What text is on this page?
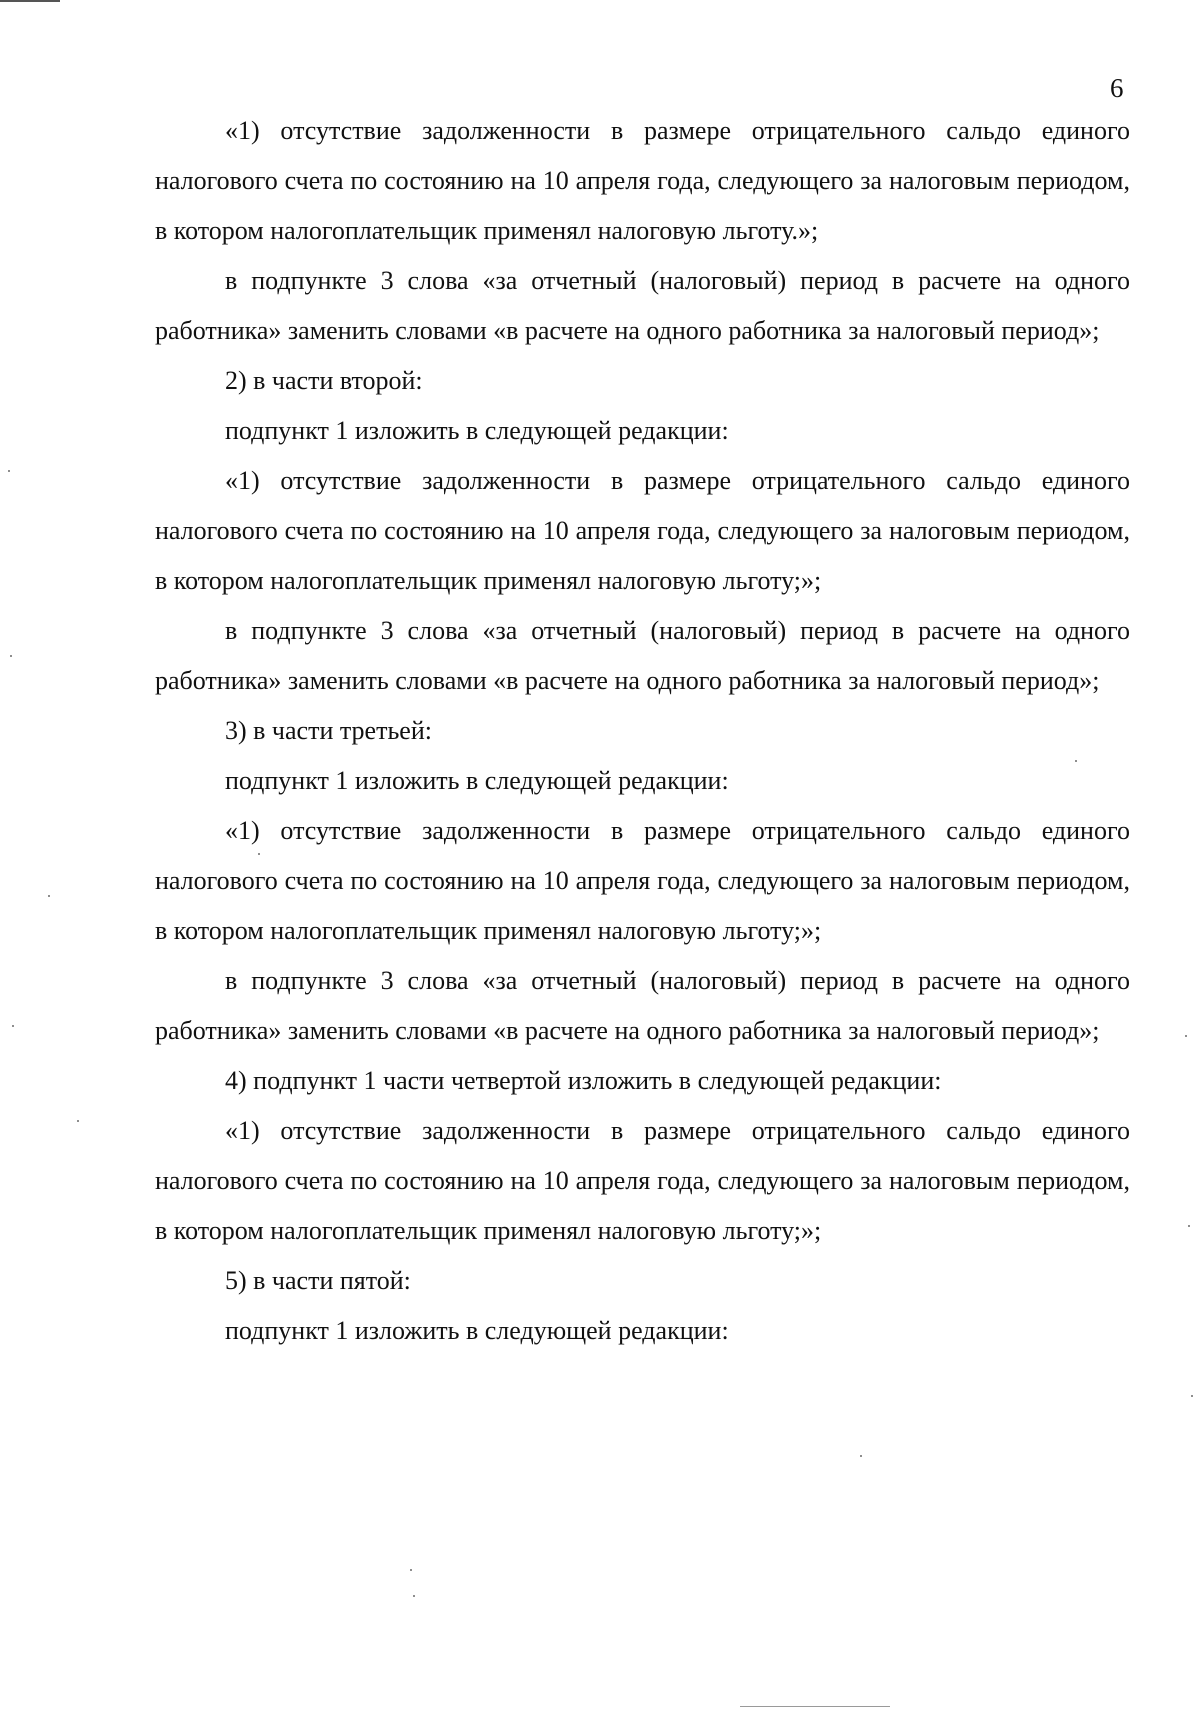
6

«1) отсутствие задолженности в размере отрицательного сальдо единого налогового счета по состоянию на 10 апреля года, следующего за налоговым периодом, в котором налогоплательщик применял налоговую льготу.»;

в подпункте 3 слова «за отчетный (налоговый) период в расчете на одного работника» заменить словами «в расчете на одного работника за налоговый период»;

2) в части второй:

подпункт 1 изложить в следующей редакции:

«1) отсутствие задолженности в размере отрицательного сальдо единого налогового счета по состоянию на 10 апреля года, следующего за налоговым периодом, в котором налогоплательщик применял налоговую льготу;»;

в подпункте 3 слова «за отчетный (налоговый) период в расчете на одного работника» заменить словами «в расчете на одного работника за налоговый период»;

3) в части третьей:

подпункт 1 изложить в следующей редакции:

«1) отсутствие задолженности в размере отрицательного сальдо единого налогового счета по состоянию на 10 апреля года, следующего за налоговым периодом, в котором налогоплательщик применял налоговую льготу;»;

в подпункте 3 слова «за отчетный (налоговый) период в расчете на одного работника» заменить словами «в расчете на одного работника за налоговый период»;

4) подпункт 1 части четвертой изложить в следующей редакции:

«1) отсутствие задолженности в размере отрицательного сальдо единого налогового счета по состоянию на 10 апреля года, следующего за налоговым периодом, в котором налогоплательщик применял налоговую льготу;»;

5) в части пятой:

подпункт 1 изложить в следующей редакции:
